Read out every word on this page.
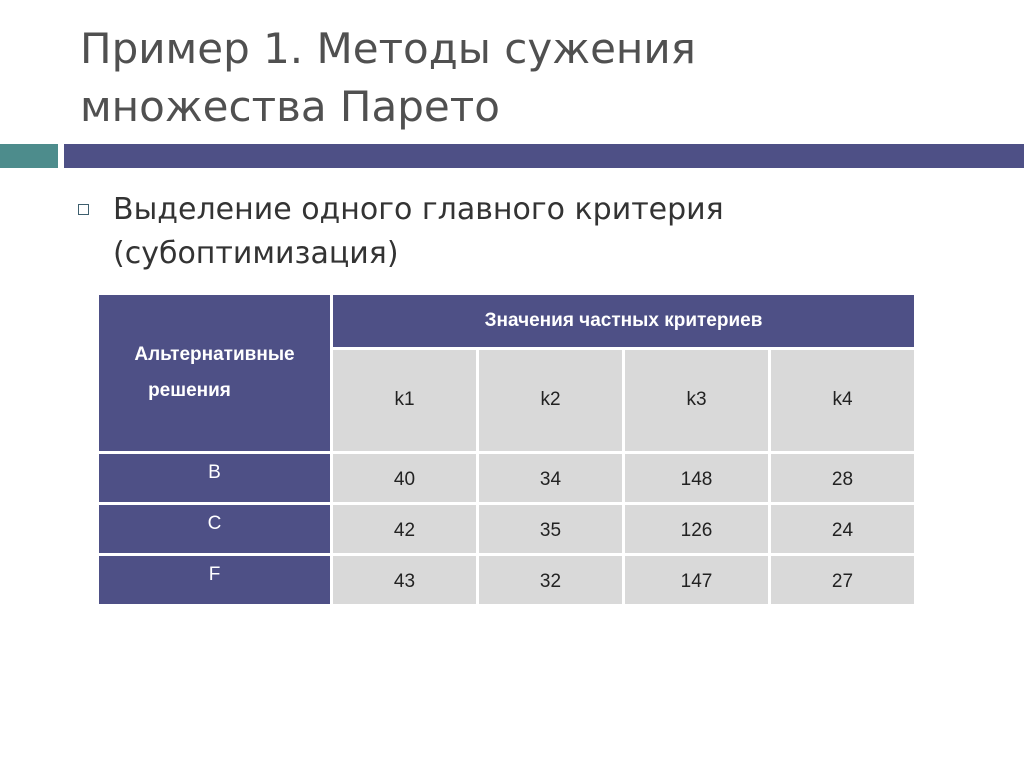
Пример 1. Методы сужения
множества Парето
Выделение одного главного критерия
(субоптимизация)
Альтернативные
решения	Значения частных критериев			
	k1	k2	k3	k4
B	40	34	148	28
C	42	35	126	24
F	43	32	147	27
